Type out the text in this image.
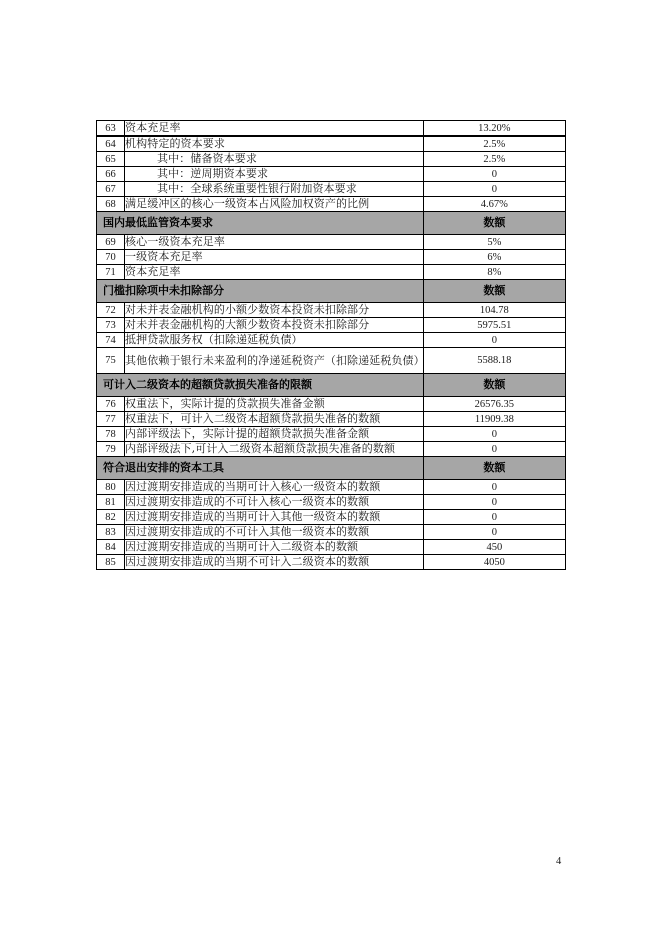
63	资本充足率	13.20%
64	机构特定的资本要求	2.5%
65	其中：储备资本要求	2.5%
66	其中：逆周期资本要求	0
67	其中：全球系统重要性银行附加资本要求	0
68	满足缓冲区的核心一级资本占风险加权资产的比例	4.67%
国内最低监管资本要求		数额
69	核心一级资本充足率	5%
70	一级资本充足率	6%
71	资本充足率	8%
门槛扣除项中未扣除部分		数额
72	对未并表金融机构的小额少数资本投资未扣除部分	104.78
73	对未并表金融机构的大额少数资本投资未扣除部分	5975.51
74	抵押贷款服务权（扣除递延税负债）	0
75	其他依赖于银行未来盈利的净递延税资产（扣除递延税负债）	5588.18
可计入二级资本的超额贷款损失准备的限额		数额
76	权重法下，实际计提的贷款损失准备金额	26576.35
77	权重法下，可计入二级资本超额贷款损失准备的数额	11909.38
78	内部评级法下，实际计提的超额贷款损失准备金额	0
79	内部评级法下,可计入二级资本超额贷款损失准备的数额	0
符合退出安排的资本工具		数额
80	因过渡期安排造成的当期可计入核心一级资本的数额	0
81	因过渡期安排造成的不可计入核心一级资本的数额	0
82	因过渡期安排造成的当期可计入其他一级资本的数额	0
83	因过渡期安排造成的不可计入其他一级资本的数额	0
84	因过渡期安排造成的当期可计入二级资本的数额	450
85	因过渡期安排造成的当期不可计入二级资本的数额	4050
4
